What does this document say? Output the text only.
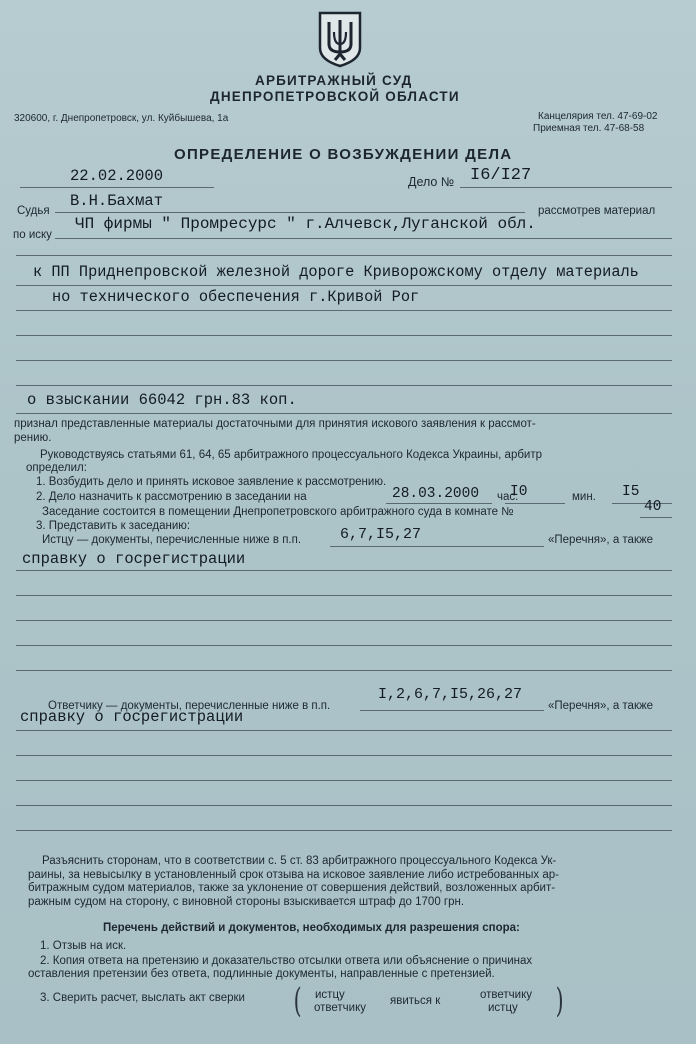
АРБИТРАЖНЫЙ СУД
ДНЕПРОПЕТРОВСКОЙ ОБЛАСТИ
320600, г. Днепропетровск, ул. Куйбышева, 1а	Канцелярия тел. 47-69-02
Приемная тел. 47-68-58
ОПРЕДЕЛЕНИЕ О ВОЗБУЖДЕНИИ ДЕЛА
22.02.2000	Дело № I6/I27
Судья
В.Н.Бахмат
рассмотрев материал
по иску
ЧП фирмы " Промресурс " г.Алчевск,Луганской обл.
к ПП Приднепровской железной дороге Криворожскому отделу материаль
но технического обеспечения г.Кривой Рог
о взыскании 66042 грн.83 коп.
признал представленные материалы достаточными для принятия искового заявления к рассмот-
рению.
Руководствуясь статьями 61, 64, 65 арбитражного процессуального Кодекса Украины, арбитр
определил:
1. Возбудить дело и принять исковое заявление к рассмотрению.
2. Дело назначить к рассмотрению в заседании на	28.03.2000 час.
I0	мин. I5
Заседание состоится в помещении Днепропетровского арбитражного суда в комнате №	40
3. Представить к заседанию:
Истцу — документы, перечисленные ниже в п.п.	6,7,I5,27	«Перечня», а также
справку о госрегистрации
Ответчику — документы, перечисленные ниже в п.п.
I,2,6,7,I5,26,27
«Перечня», а также
справку о госрегистрации
Разъяснить сторонам, что в соответствии с. 5 ст. 83 арбитражного процессуального Кодекса Ук-
раины, за невысылку в установленный срок отзыва на исковое заявление либо истребованных ар-
битражным судом материалов, также за уклонение от совершения действий, возложенных арбит-
ражным судом на сторону, с виновной стороны взыскивается штраф до 1700 грн.
Перечень действий и документов, необходимых для разрешения спора:
1. Отзыв на иск.
2. Копия ответа на претензию и доказательство отсылки ответа или объяснение о причинах
оставления претензии без ответа, подлинные документы, направленные с претензией.
3. Сверить расчет, выслать акт сверки ( истцу
ответчику
явиться к	ответчику
истцу )
